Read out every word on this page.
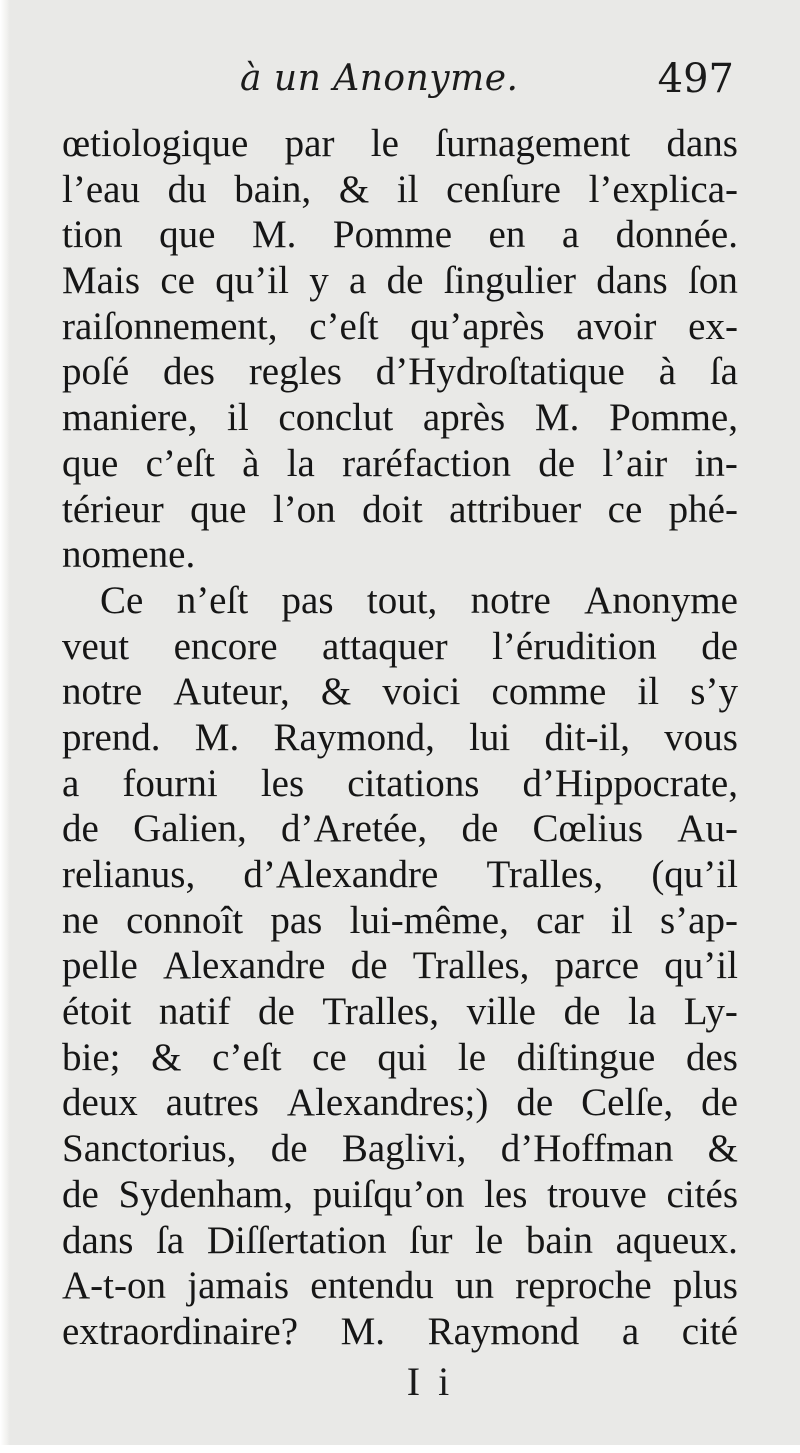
à un Anonyme.	497
œtiologique par le ſurnagement dans
l’eau du bain, & il cenſure l’explica-
tion que M. Pomme en a donnée.
Mais ce qu’il y a de ſingulier dans ſon
raiſonnement, c’eſt qu’après avoir ex-
poſé des regles d’Hydroſtatique à ſa
maniere, il conclut après M. Pomme,
que c’eſt à la raréfaction de l’air in-
térieur que l’on doit attribuer ce phé-
nomene.
Ce n’eſt pas tout, notre Anonyme
veut encore attaquer l’érudition de
notre Auteur, & voici comme il s’y
prend. M. Raymond, lui dit-il, vous
a fourni les citations d’Hippocrate,
de Galien, d’Aretée, de Cœlius Au-
relianus, d’Alexandre Tralles, (qu’il
ne connoît pas lui-même, car il s’ap-
pelle Alexandre de Tralles, parce qu’il
étoit natif de Tralles, ville de la Ly-
bie; & c’eſt ce qui le diſtingue des
deux autres Alexandres;) de Celſe, de
Sanctorius, de Baglivi, d’Hoffman &
de Sydenham, puiſqu’on les trouve cités
dans ſa Diſſertation ſur le bain aqueux.
A-t-on jamais entendu un reproche plus
extraordinaire? M. Raymond a cité
I i
